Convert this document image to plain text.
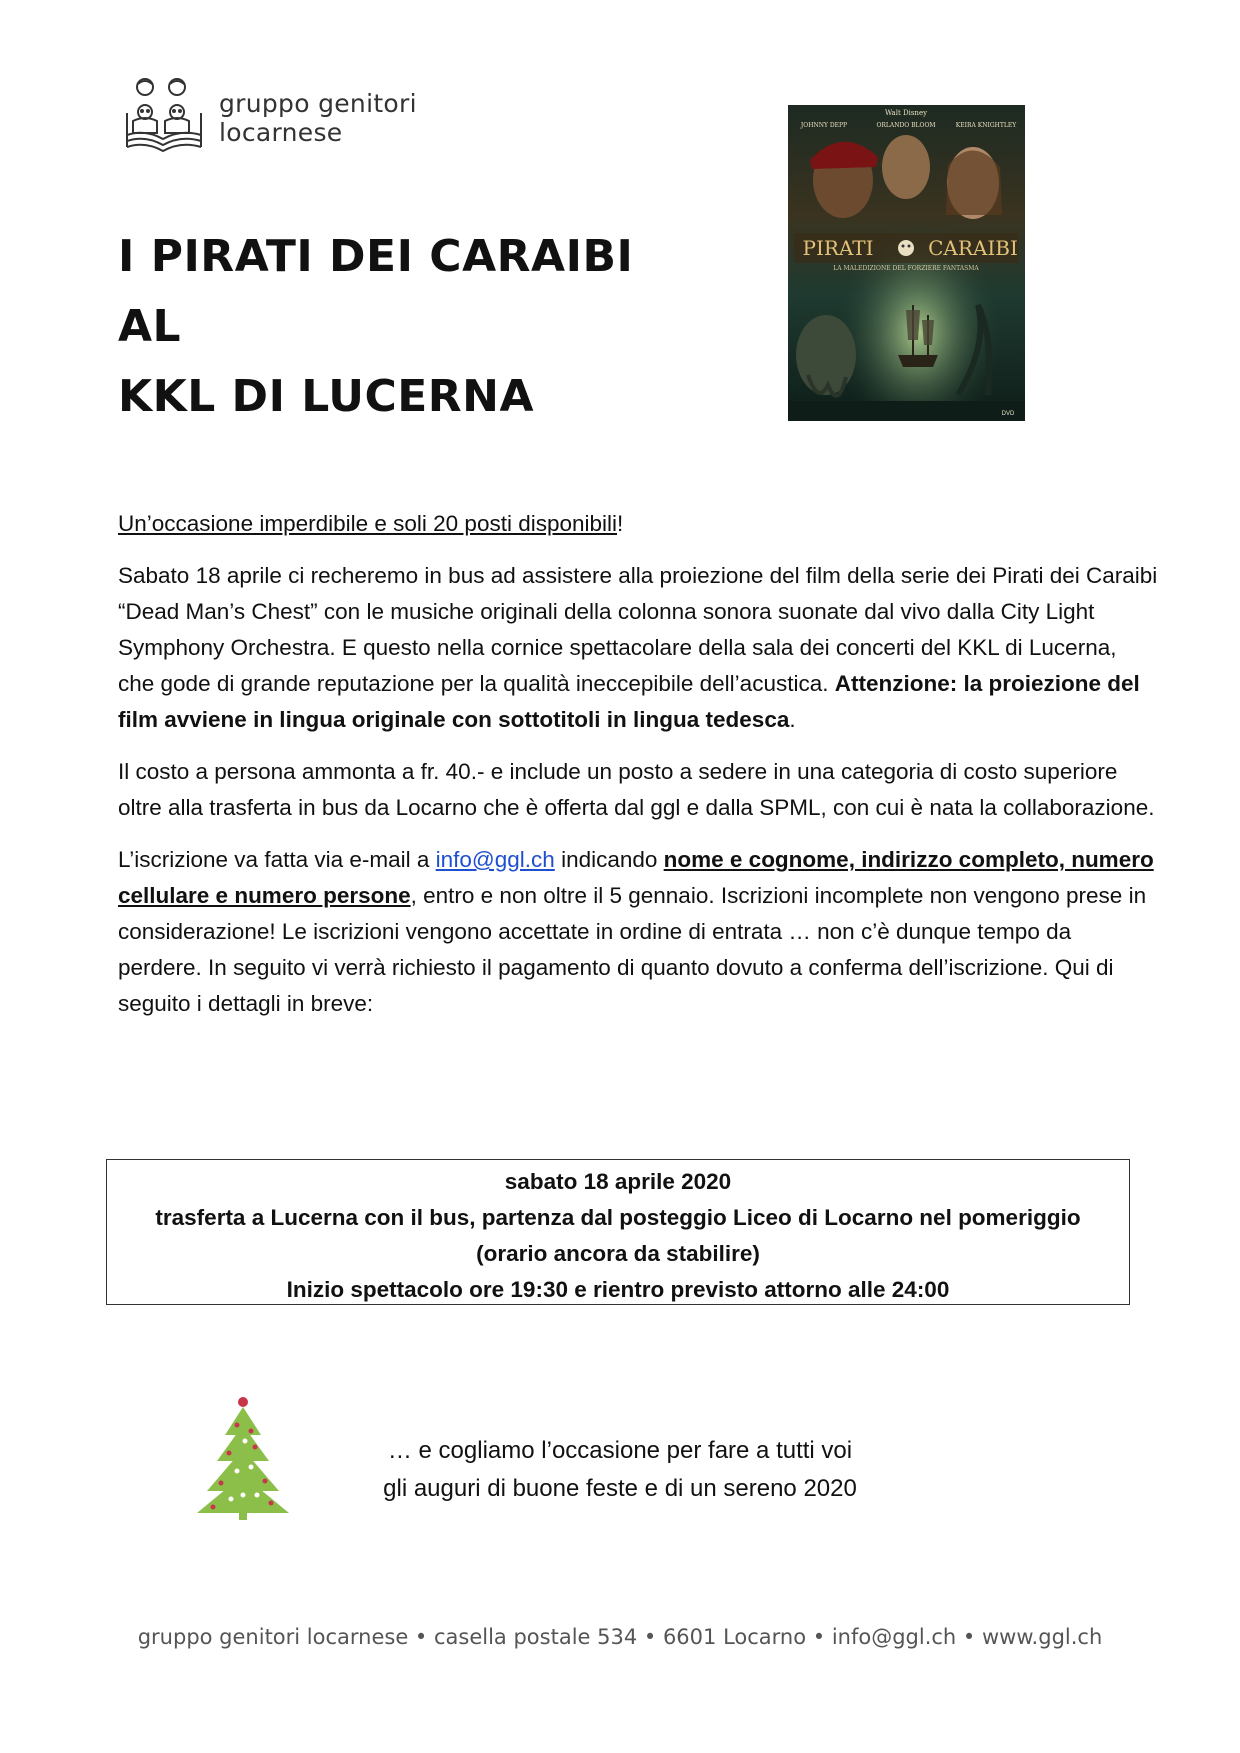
gruppo genitori locarnese
I PIRATI DEI CARAIBI
AL
KKL DI LUCERNA
Walt Disney
JOHNNY DEPP	ORLANDO BLOOM	KEIRA KNIGHTLEY
PIRATI	CARAIBI
LA MALEDIZIONE DEL FORZIERE FANTASMA
DVD

Un’occasione imperdibile e soli 20 posti disponibili!

Sabato 18 aprile ci recheremo in bus ad assistere alla proiezione del film della serie dei Pirati dei Caraibi “Dead Man’s Chest” con le musiche originali della colonna sonora suonate dal vivo dalla City Light Symphony Orchestra. E questo nella cornice spettacolare della sala dei concerti del KKL di Lucerna, che gode di grande reputazione per la qualità ineccepibile dell’acustica. Attenzione: la proiezione del film avviene in lingua originale con sottotitoli in lingua tedesca.

Il costo a persona ammonta a fr. 40.- e include un posto a sedere in una categoria di costo superiore oltre alla trasferta in bus da Locarno che è offerta dal ggl e dalla SPML, con cui è nata la collaborazione.

L’iscrizione va fatta via e-mail a info@ggl.ch indicando nome e cognome, indirizzo completo, numero cellulare e numero persone, entro e non oltre il 5 gennaio. Iscrizioni incomplete non vengono prese in considerazione! Le iscrizioni vengono accettate in ordine di entrata … non c’è dunque tempo da perdere. In seguito vi verrà richiesto il pagamento di quanto dovuto a conferma dell’iscrizione. Qui di seguito i dettagli in breve:

sabato 18 aprile 2020
trasferta a Lucerna con il bus, partenza dal posteggio Liceo di Locarno nel pomeriggio
(orario ancora da stabilire)
Inizio spettacolo ore 19:30 e rientro previsto attorno alle 24:00
… e cogliamo l’occasione per fare a tutti voi
gli auguri di buone feste e di un sereno 2020
gruppo genitori locarnese • casella postale 534 • 6601 Locarno • info@ggl.ch • www.ggl.ch
